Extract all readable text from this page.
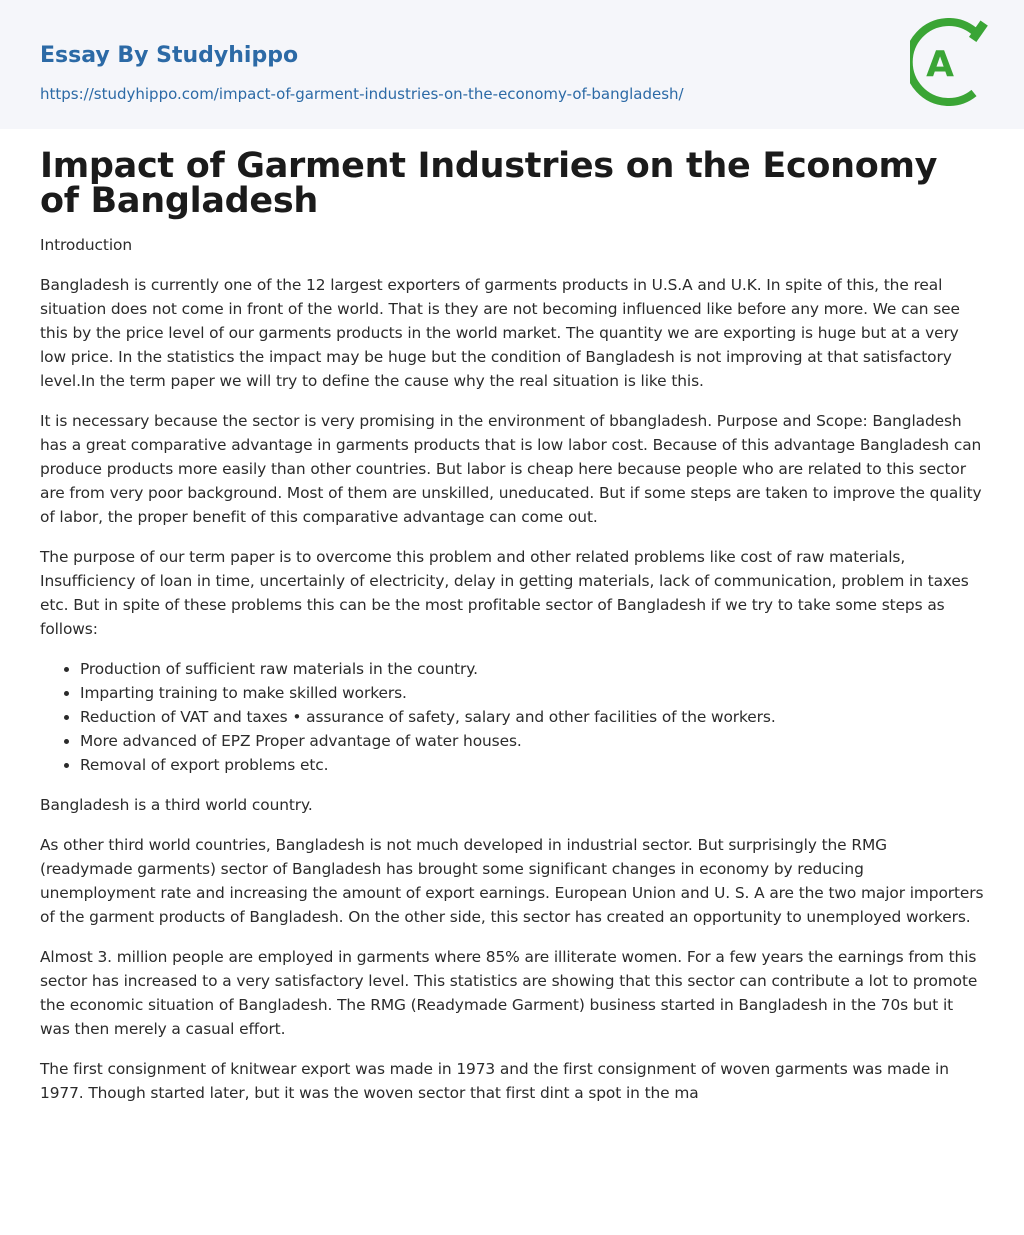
Essay By Studyhippo
https://studyhippo.com/impact-of-garment-industries-on-the-economy-of-bangladesh/
A
Impact of Garment Industries on the Economy of Bangladesh

Introduction

Bangladesh is currently one of the 12 largest exporters of garments products in U.S.A and U.K. In spite of this, the real situation does not come in front of the world. That is they are not becoming influenced like before any more. We can see this by the price level of our garments products in the world market. The quantity we are exporting is huge but at a very low price. In the statistics the impact may be huge but the condition of Bangladesh is not improving at that satisfactory level.In the term paper we will try to define the cause why the real situation is like this.

It is necessary because the sector is very promising in the environment of bbangladesh. Purpose and Scope: Bangladesh has a great comparative advantage in garments products that is low labor cost. Because of this advantage Bangladesh can produce products more easily than other countries. But labor is cheap here because people who are related to this sector are from very poor background. Most of them are unskilled, uneducated. But if some steps are taken to improve the quality of labor, the proper benefit of this comparative advantage can come out.

The purpose of our term paper is to overcome this problem and other related problems like cost of raw materials, Insufficiency of loan in time, uncertainly of electricity, delay in getting materials, lack of communication, problem in taxes etc. But in spite of these problems this can be the most profitable sector of Bangladesh if we try to take some steps as follows:

• Production of sufficient raw materials in the country.
• Imparting training to make skilled workers.
• Reduction of VAT and taxes • assurance of safety, salary and other facilities of the workers.
• More advanced of EPZ Proper advantage of water houses.
• Removal of export problems etc.

Bangladesh is a third world country.

As other third world countries, Bangladesh is not much developed in industrial sector. But surprisingly the RMG (readymade garments) sector of Bangladesh has brought some significant changes in economy by reducing unemployment rate and increasing the amount of export earnings. European Union and U. S. A are the two major importers of the garment products of Bangladesh. On the other side, this sector has created an opportunity to unemployed workers.

Almost 3. million people are employed in garments where 85% are illiterate women. For a few years the earnings from this sector has increased to a very satisfactory level. This statistics are showing that this sector can contribute a lot to promote the economic situation of Bangladesh. The RMG (Readymade Garment) business started in Bangladesh in the 70s but it was then merely a casual effort.

The first consignment of knitwear export was made in 1973 and the first consignment of woven garments was made in 1977. Though started later, but it was the woven sector that first dint a spot in the ma
